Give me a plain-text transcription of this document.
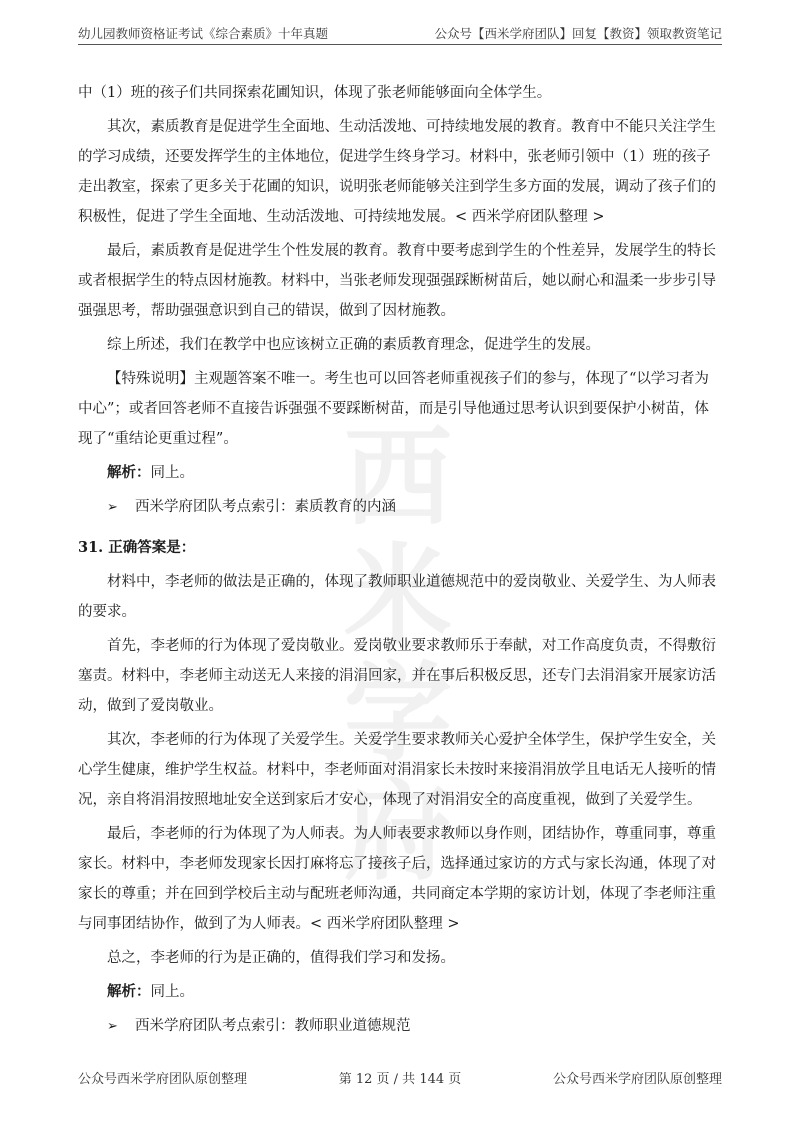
幼儿园教师资格证考试《综合素质》十年真题	公众号【西米学府团队】回复【教资】领取教资笔记
西米
学府

中（1）班的孩子们共同探索花圃知识，体现了张老师能够面向全体学生。

其次，素质教育是促进学生全面地、生动活泼地、可持续地发展的教育。教育中不能只关注学生的学习成绩，还要发挥学生的主体地位，促进学生终身学习。材料中，张老师引领中（1）班的孩子走出教室，探索了更多关于花圃的知识，说明张老师能够关注到学生多方面的发展，调动了孩子们的积极性，促进了学生全面地、生动活泼地、可持续地发展。< 西米学府团队整理 >

最后，素质教育是促进学生个性发展的教育。教育中要考虑到学生的个性差异，发展学生的特长或者根据学生的特点因材施教。材料中，当张老师发现强强踩断树苗后，她以耐心和温柔一步步引导强强思考，帮助强强意识到自己的错误，做到了因材施教。

综上所述，我们在教学中也应该树立正确的素质教育理念，促进学生的发展。

【特殊说明】主观题答案不唯一。考生也可以回答老师重视孩子们的参与，体现了“以学习者为中心”；或者回答老师不直接告诉强强不要踩断树苗，而是引导他通过思考认识到要保护小树苗，体现了“重结论更重过程”。

解析：同上。

➢	西米学府团队考点索引：素质教育的内涵

31. 正确答案是：

材料中，李老师的做法是正确的，体现了教师职业道德规范中的爱岗敬业、关爱学生、为人师表的要求。

首先，李老师的行为体现了爱岗敬业。爱岗敬业要求教师乐于奉献，对工作高度负责，不得敷衍塞责。材料中，李老师主动送无人来接的涓涓回家，并在事后积极反思，还专门去涓涓家开展家访活动，做到了爱岗敬业。

其次，李老师的行为体现了关爱学生。关爱学生要求教师关心爱护全体学生，保护学生安全，关心学生健康，维护学生权益。材料中，李老师面对涓涓家长未按时来接涓涓放学且电话无人接听的情况，亲自将涓涓按照地址安全送到家后才安心，体现了对涓涓安全的高度重视，做到了关爱学生。

最后，李老师的行为体现了为人师表。为人师表要求教师以身作则，团结协作，尊重同事，尊重家长。材料中，李老师发现家长因打麻将忘了接孩子后，选择通过家访的方式与家长沟通，体现了对家长的尊重；并在回到学校后主动与配班老师沟通，共同商定本学期的家访计划，体现了李老师注重与同事团结协作，做到了为人师表。< 西米学府团队整理 >

总之，李老师的行为是正确的，值得我们学习和发扬。

解析：同上。

➢	西米学府团队考点索引：教师职业道德规范

公众号西米学府团队原创整理	第 12 页 / 共 144 页	公众号西米学府团队原创整理
